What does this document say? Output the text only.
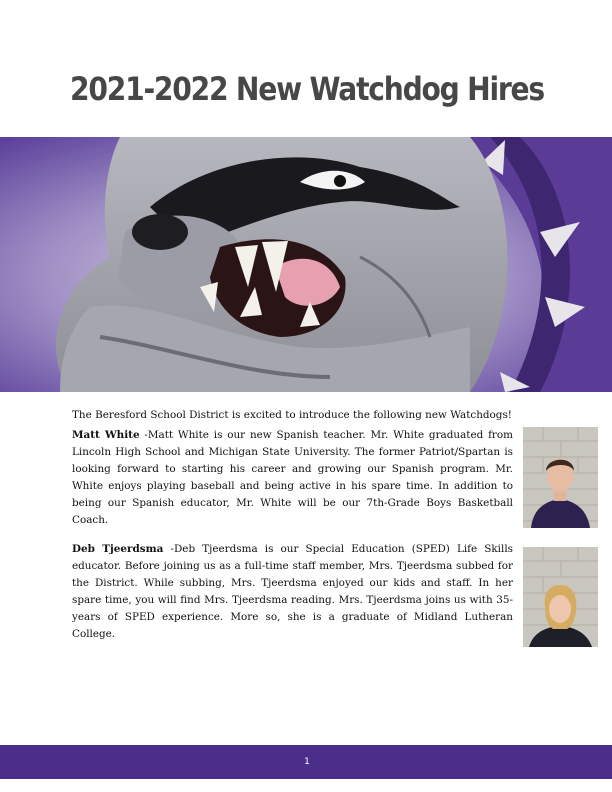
2021-2022 New Watchdog Hires
The Beresford School District is excited to introduce the following new Watchdogs!
Matt White -Matt White is our new Spanish teacher. Mr. White graduated from Lincoln High School and Michigan State University. The former Patriot/Spartan is looking forward to starting his career and growing our Spanish program. Mr. White enjoys playing baseball and being active in his spare time. In addition to being our Spanish educator, Mr. White will be our 7th-Grade Boys Basketball Coach.
Deb Tjeerdsma -Deb Tjeerdsma is our Special Education (SPED) Life Skills educator. Before joining us as a full-time staff member, Mrs. Tjeerdsma subbed for the District. While subbing, Mrs. Tjeerdsma enjoyed our kids and staff. In her spare time, you will find Mrs. Tjeerdsma reading. Mrs. Tjeerdsma joins us with 35-years of SPED experience. More so, she is a graduate of Midland Lutheran College.
1
